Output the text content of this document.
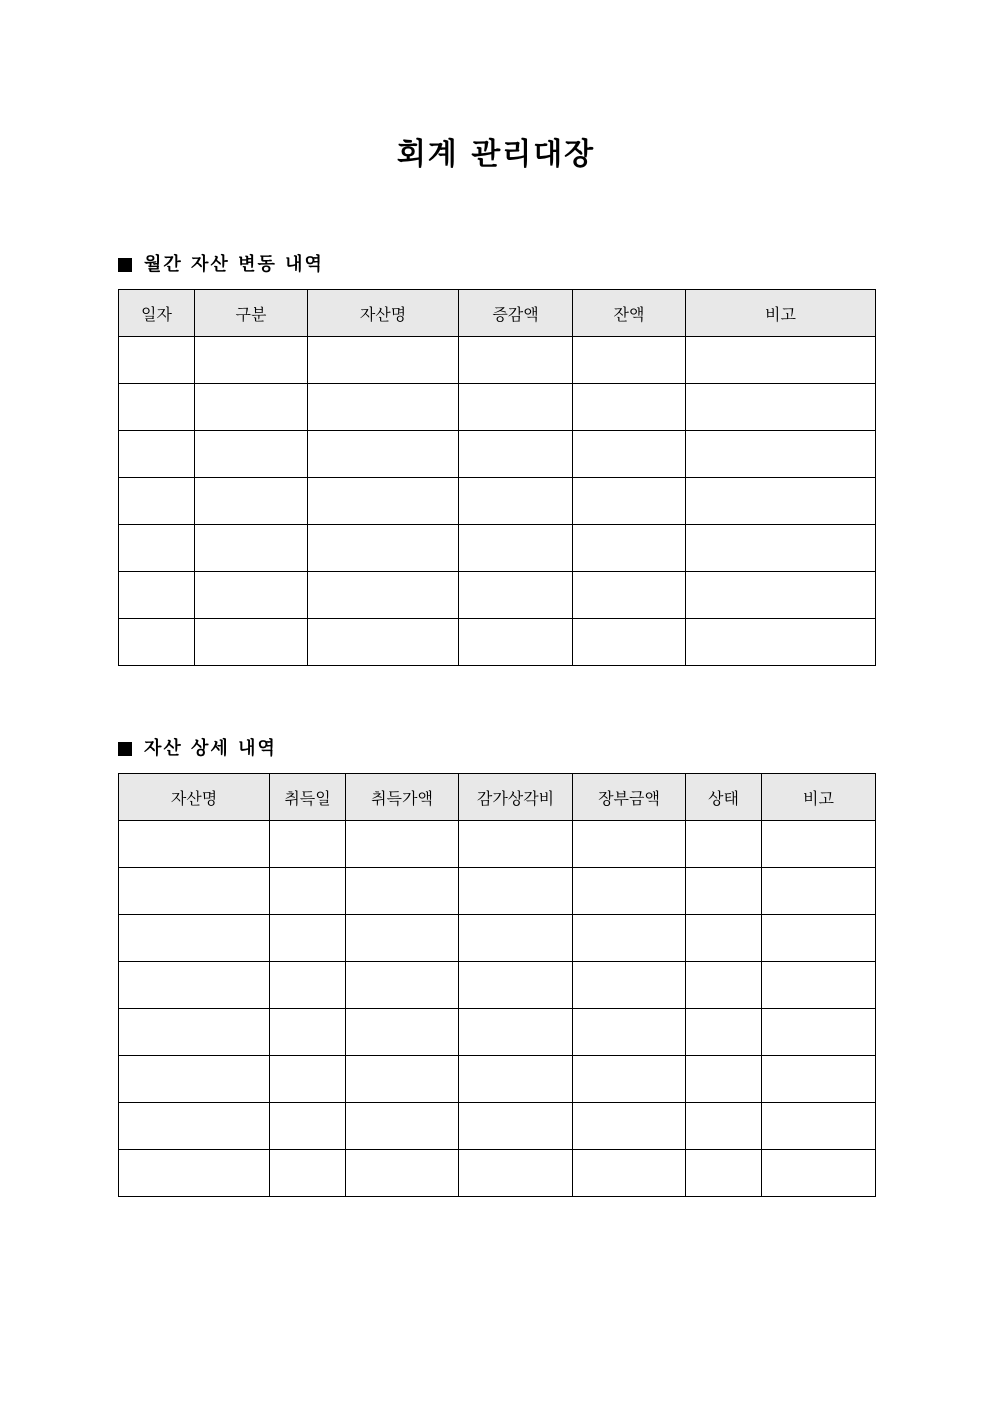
회계 관리대장
월간 자산 변동 내역
일자	구분	자산명	증감액	잔액	비고

자산 상세 내역
자산명	취득일	취득가액	감가상각비	장부금액	상태	비고
